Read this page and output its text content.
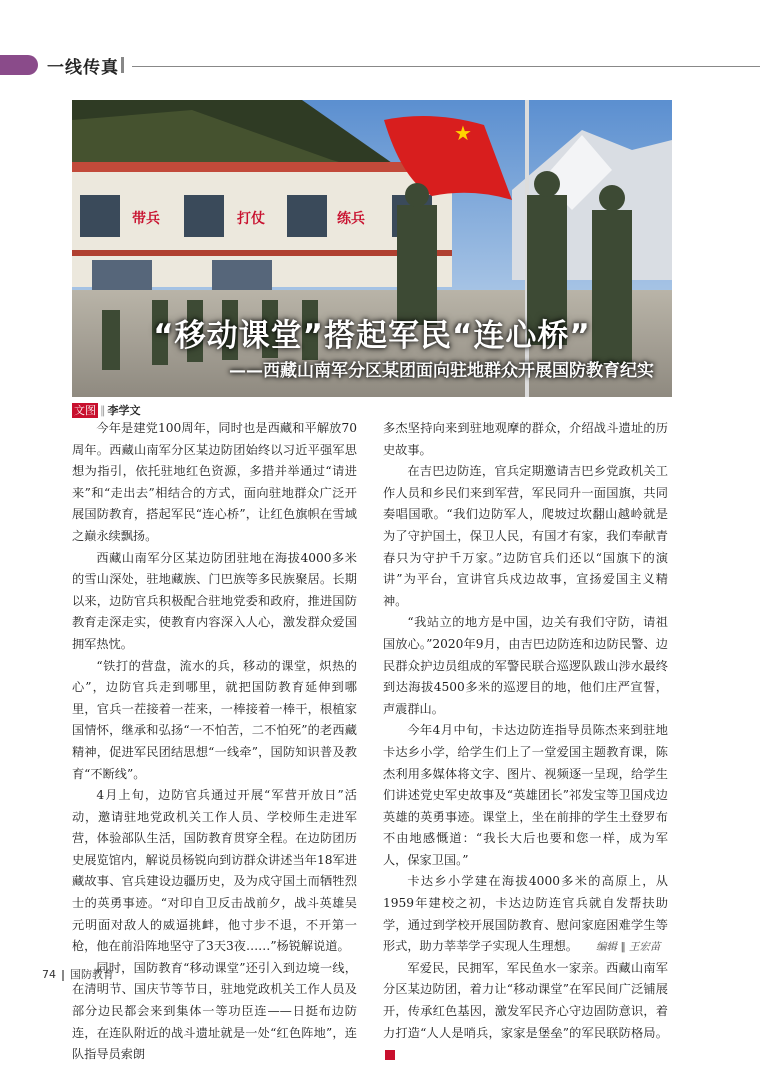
一线传真
★
带兵	打仗	练兵
“移动课堂”搭起军民“连心桥”
——西藏山南军分区某团面向驻地群众开展国防教育纪实
文图 ∥ 李学文

今年是建党100周年，同时也是西藏和平解放70周年。西藏山南军分区某边防团始终以习近平强军思想为指引，依托驻地红色资源，多措并举通过“请进来”和“走出去”相结合的方式，面向驻地群众广泛开展国防教育，搭起军民“连心桥”，让红色旗帜在雪域之巅永续飘扬。

西藏山南军分区某边防团驻地在海拔4000多米的雪山深处，驻地藏族、门巴族等多民族聚居。长期以来，边防官兵积极配合驻地党委和政府，推进国防教育走深走实，使教育内容深入人心，激发群众爱国拥军热忱。

“铁打的营盘，流水的兵，移动的课堂，炽热的心”，边防官兵走到哪里，就把国防教育延伸到哪里，官兵一茬接着一茬来，一棒接着一棒干，根植家国情怀，继承和弘扬“一不怕苦，二不怕死”的老西藏精神，促进军民团结思想“一线牵”，国防知识普及教育“不断线”。

4月上旬，边防官兵通过开展“军营开放日”活动，邀请驻地党政机关工作人员、学校师生走进军营，体验部队生活，国防教育贯穿全程。在边防团历史展览馆内，解说员杨锐向到访群众讲述当年18军进藏故事、官兵建设边疆历史，及为戍守国土而牺牲烈士的英勇事迹。“对印自卫反击战前夕，战斗英雄吴元明面对敌人的威逼挑衅，他寸步不退，不开第一枪，他在前沿阵地坚守了3天3夜……”杨锐解说道。

同时，国防教育“移动课堂”还引入到边境一线，在清明节、国庆节等节日，驻地党政机关工作人员及部分边民都会来到集体一等功臣连——日挺布边防连，在连队附近的战斗遗址就是一处“红色阵地”，连队指导员索朗

多杰坚持向来到驻地观摩的群众，介绍战斗遗址的历史故事。

在吉巴边防连，官兵定期邀请吉巴乡党政机关工作人员和乡民们来到军营，军民同升一面国旗，共同奏唱国歌。“我们边防军人，爬坡过坎翻山越岭就是为了守护国土，保卫人民，有国才有家，我们奉献青春只为守护千万家。”边防官兵们还以“国旗下的演讲”为平台，宣讲官兵戍边故事，宣扬爱国主义精神。

“我站立的地方是中国，边关有我们守防，请祖国放心。”2020年9月，由吉巴边防连和边防民警、边民群众护边员组成的军警民联合巡逻队跋山涉水最终到达海拔4500多米的巡逻目的地，他们庄严宣誓，声震群山。

今年4月中旬，卡达边防连指导员陈杰来到驻地卡达乡小学，给学生们上了一堂爱国主题教育课，陈杰利用多媒体将文字、图片、视频逐一呈现，给学生们讲述党史军史故事及“英雄团长”祁发宝等卫国戍边英雄的英勇事迹。课堂上，坐在前排的学生土登罗布不由地感慨道：“我长大后也要和您一样，成为军人，保家卫国。”

卡达乡小学建在海拔4000多米的高原上，从1959年建校之初，卡达边防连官兵就自发帮扶助学，通过到学校开展国防教育、慰问家庭困难学生等形式，助力莘莘学子实现人生理想。

军爱民，民拥军，军民鱼水一家亲。西藏山南军分区某边防团，着力让“移动课堂”在军民间广泛铺展开，传承红色基因，激发军民齐心守边固防意识，着力打造“人人是哨兵，家家是堡垒”的军民联防格局。G

编辑 ∥ 王宏苗
74 国防教育
